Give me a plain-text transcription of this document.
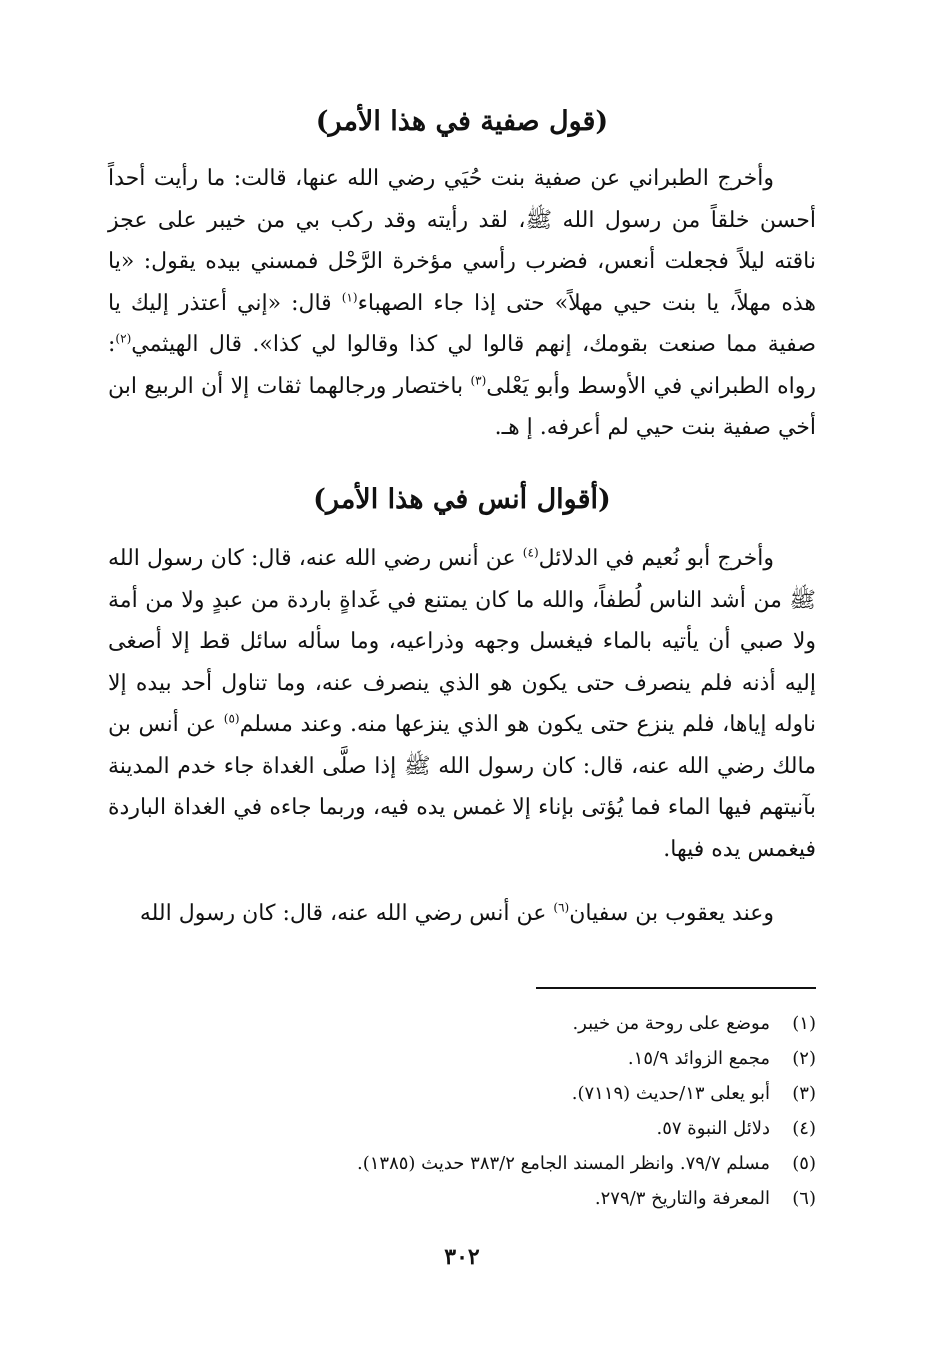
(قول صفية في هذا الأمر)

وأخرج الطبراني عن صفية بنت حُيَي رضي الله عنها، قالت: ما رأيت أحداً أحسن خلقاً من رسول الله ﷺ، لقد رأيته وقد ركب بي من خيبر على عجز ناقته ليلاً فجعلت أنعس، فضرب رأسي مؤخرة الرَّحْل فمسني بيده يقول: «يا هذه مهلاً، يا بنت حيي مهلاً» حتى إذا جاء الصهباء$^{(١)}$ قال: «إني أعتذر إليك يا صفية مما صنعت بقومك، إنهم قالوا لي كذا وقالوا لي كذا». قال الهيثمي$^{(٢)}$: رواه الطبراني في الأوسط وأبو يَعْلى$^{(٣)}$ باختصار ورجالهما ثقات إلا أن الربيع ابن أخي صفية بنت حيي لم أعرفه. إ هـ.

(أقوال أنس في هذا الأمر)

وأخرج أبو نُعيم في الدلائل$^{(٤)}$ عن أنس رضي الله عنه، قال: كان رسول الله ﷺ من أشد الناس لُطفاً، والله ما كان يمتنع في غَداةٍ باردة من عبدٍ ولا من أمة ولا صبي أن يأتيه بالماء فيغسل وجهه وذراعيه، وما سأله سائل قط إلا أصغى إليه أذنه فلم ينصرف حتى يكون هو الذي ينصرف عنه، وما تناول أحد بيده إلا ناوله إياها، فلم ينزع حتى يكون هو الذي ينزعها منه. وعند مسلم$^{(٥)}$ عن أنس بن مالك رضي الله عنه، قال: كان رسول الله ﷺ إذا صلَّى الغداة جاء خدم المدينة بآنيتهم فيها الماء فما يُؤتى بإناء إلا غمس يده فيه، وربما جاءه في الغداة الباردة فيغمس يده فيها.

وعند يعقوب بن سفيان$^{(٦)}$ عن أنس رضي الله عنه، قال: كان رسول الله

(١)موضع على روحة من خيبر.
(٢)مجمع الزوائد ١٥/٩.
(٣)أبو يعلى ١٣/حديث (٧١١٩).
(٤)دلائل النبوة ٥٧.
(٥)مسلم ٧٩/٧. وانظر المسند الجامع ٣٨٣/٢ حديث (١٣٨٥).
(٦)المعرفة والتاريخ ٢٧٩/٣.
٣٠٢
